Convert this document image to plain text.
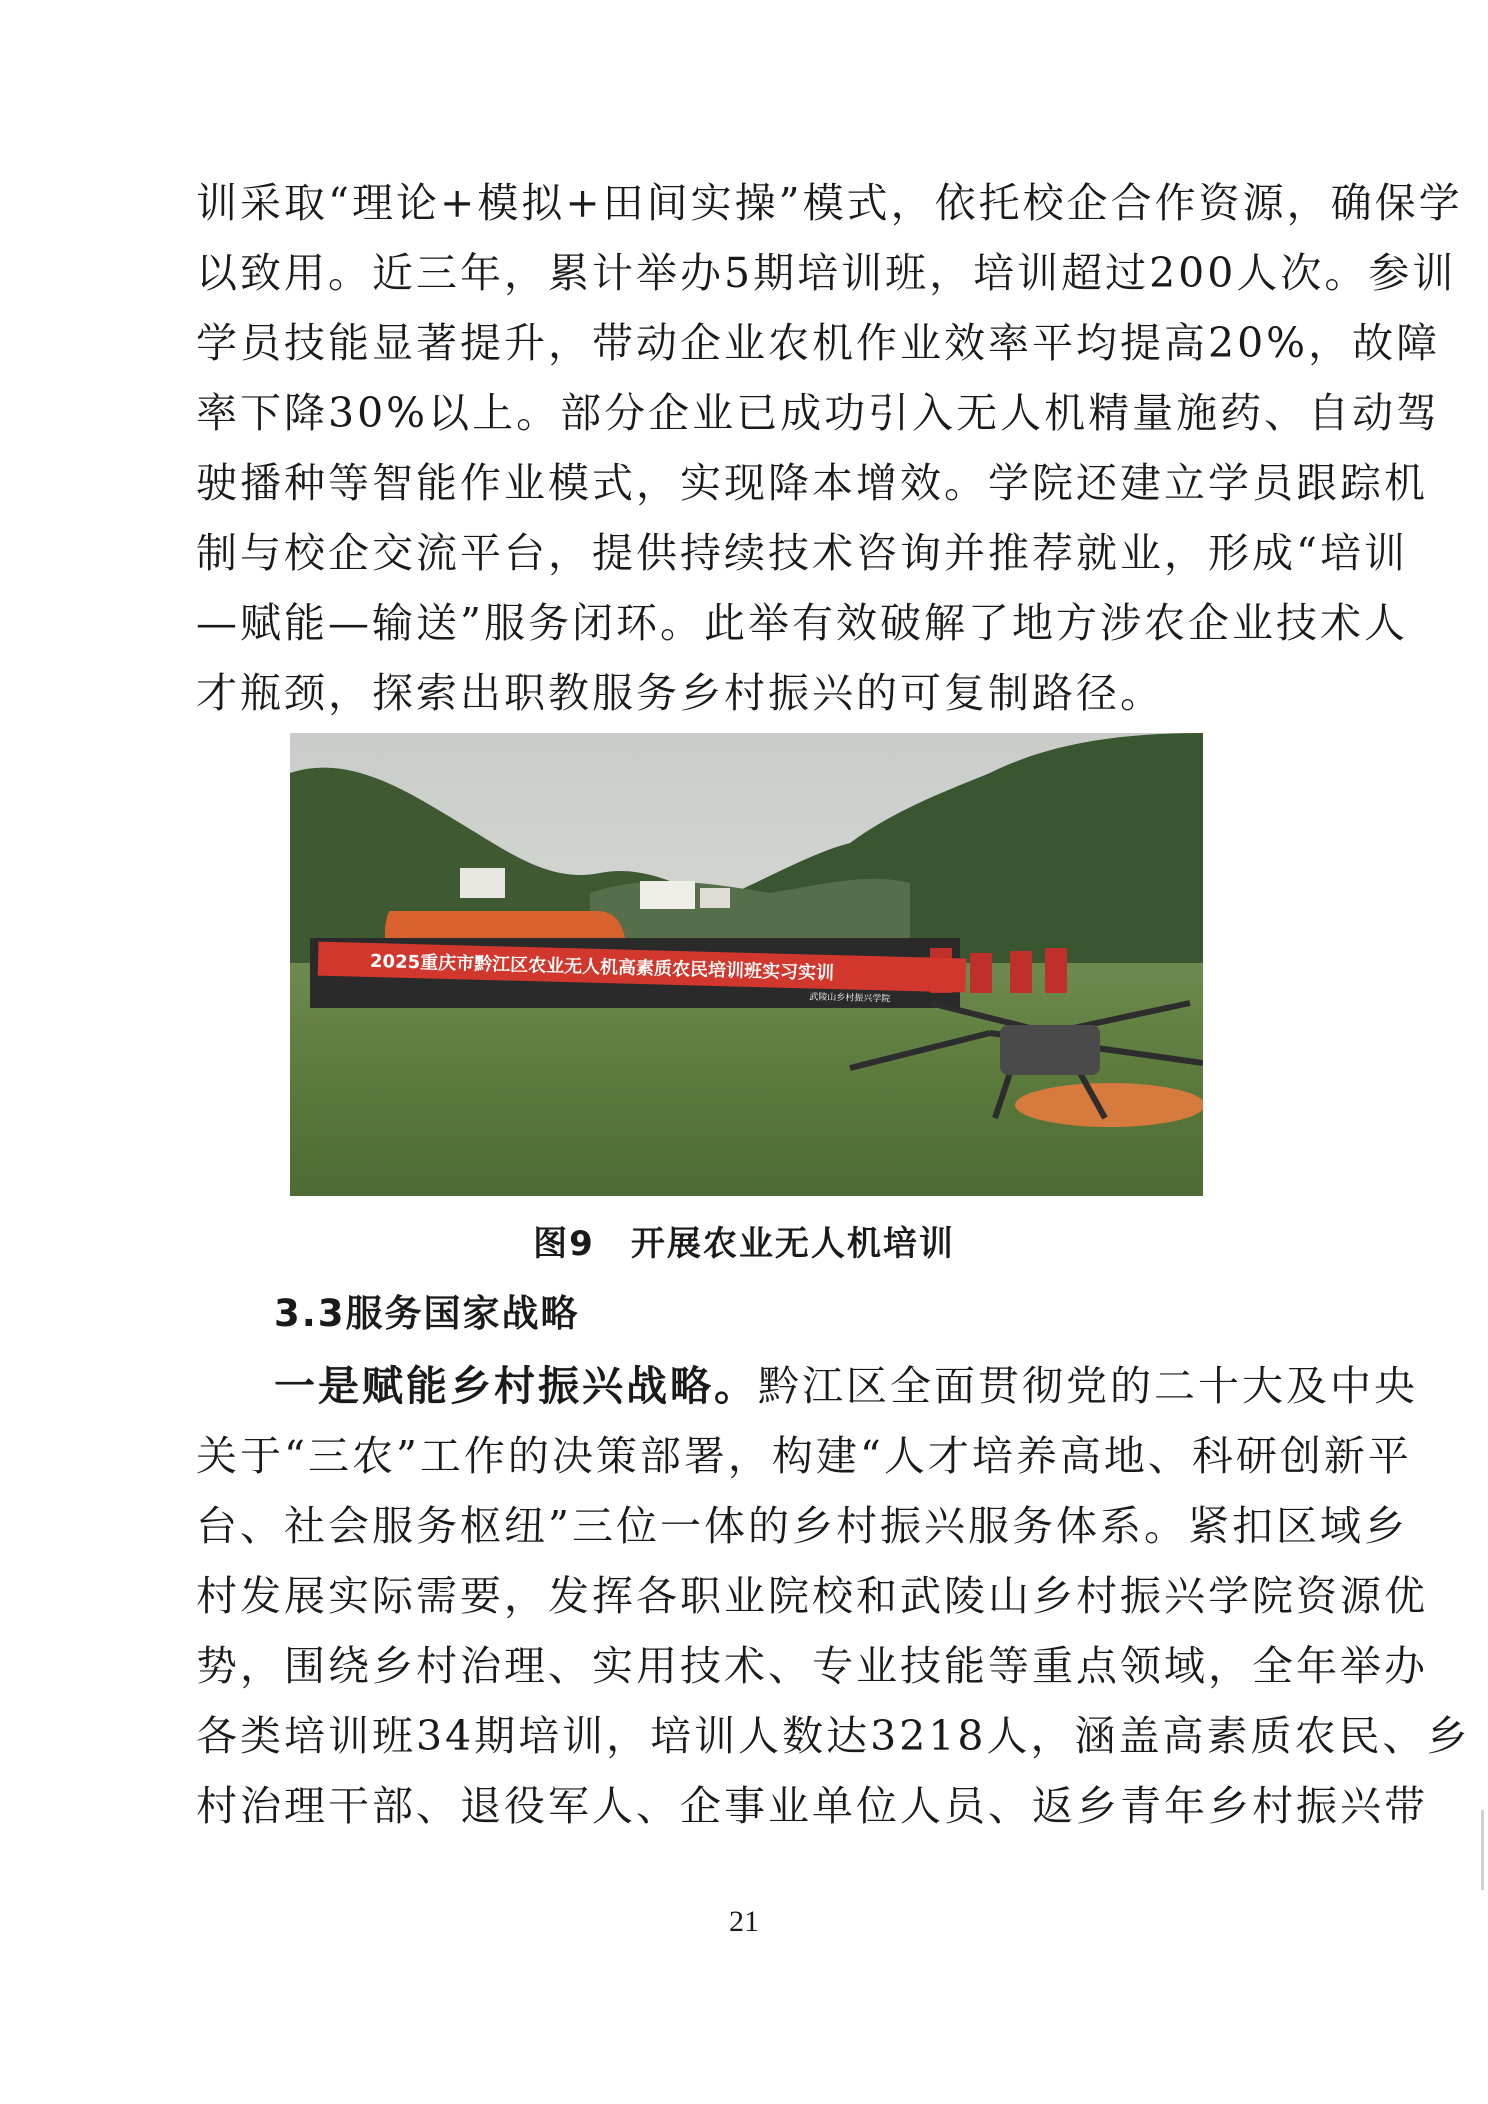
训采取“理论+模拟+田间实操”模式，依托校企合作资源，确保学
以致用。近三年，累计举办5期培训班，培训超过200人次。参训
学员技能显著提升，带动企业农机作业效率平均提高20%，故障
率下降30%以上。部分企业已成功引入无人机精量施药、自动驾
驶播种等智能作业模式，实现降本增效。学院还建立学员跟踪机
制与校企交流平台，提供持续技术咨询并推荐就业，形成“培训
—赋能—输送”服务闭环。此举有效破解了地方涉农企业技术人
才瓶颈，探索出职教服务乡村振兴的可复制路径。
2025重庆市黔江区农业无人机高素质农民培训班实习实训
武陵山乡村振兴学院
图9　开展农业无人机培训
3.3服务国家战略
一是赋能乡村振兴战略。黔江区全面贯彻党的二十大及中央
关于“三农”工作的决策部署，构建“人才培养高地、科研创新平
台、社会服务枢纽”三位一体的乡村振兴服务体系。紧扣区域乡
村发展实际需要，发挥各职业院校和武陵山乡村振兴学院资源优
势，围绕乡村治理、实用技术、专业技能等重点领域，全年举办
各类培训班34期培训，培训人数达3218人，涵盖高素质农民、乡
村治理干部、退役军人、企事业单位人员、返乡青年乡村振兴带
21
